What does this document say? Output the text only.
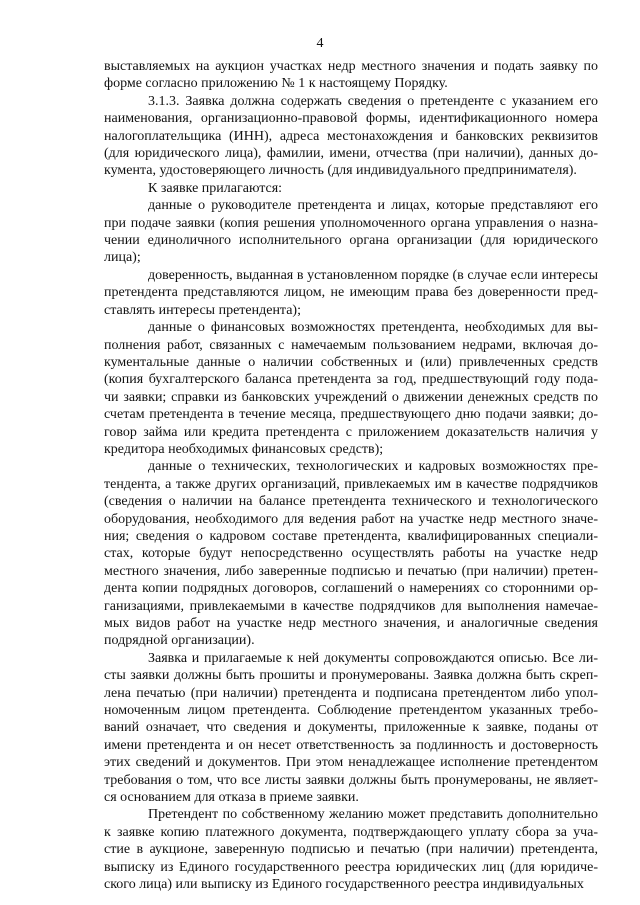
4

выставляемых на аукцион участках недр местного значения и подать заявку по
форме согласно приложению № 1 к настоящему Порядку.

3.1.3. Заявка должна содержать сведения о претенденте с указанием его
наименования, организационно-правовой формы, идентификационного номера
налогоплательщика (ИНН), адреса местонахождения и банковских реквизитов
(для юридического лица), фамилии, имени, отчества (при наличии), данных до-
кумента, удостоверяющего личность (для индивидуального предпринимателя).

К заявке прилагаются:

данные о руководителе претендента и лицах, которые представляют его
при подаче заявки (копия решения уполномоченного органа управления о назна-
чении единоличного исполнительного органа организации (для юридического
лица);

доверенность, выданная в установленном порядке (в случае если интересы
претендента представляются лицом, не имеющим права без доверенности пред-
ставлять интересы претендента);

данные о финансовых возможностях претендента, необходимых для вы-
полнения работ, связанных с намечаемым пользованием недрами, включая до-
кументальные данные о наличии собственных и (или) привлеченных средств
(копия бухгалтерского баланса претендента за год, предшествующий году пода-
чи заявки; справки из банковских учреждений о движении денежных средств по
счетам претендента в течение месяца, предшествующего дню подачи заявки; до-
говор займа или кредита претендента с приложением доказательств наличия у
кредитора необходимых финансовых средств);

данные о технических, технологических и кадровых возможностях пре-
тендента, а также других организаций, привлекаемых им в качестве подрядчиков
(сведения о наличии на балансе претендента технического и технологического
оборудования, необходимого для ведения работ на участке недр местного значе-
ния; сведения о кадровом составе претендента, квалифицированных специали-
стах, которые будут непосредственно осуществлять работы на участке недр
местного значения, либо заверенные подписью и печатью (при наличии) претен-
дента копии подрядных договоров, соглашений о намерениях со сторонними ор-
ганизациями, привлекаемыми в качестве подрядчиков для выполнения намечае-
мых видов работ на участке недр местного значения, и аналогичные сведения
подрядной организации).

Заявка и прилагаемые к ней документы сопровождаются описью. Все ли-
сты заявки должны быть прошиты и пронумерованы. Заявка должна быть скреп-
лена печатью (при наличии) претендента и подписана претендентом либо упол-
номоченным лицом претендента. Соблюдение претендентом указанных требо-
ваний означает, что сведения и документы, приложенные к заявке, поданы от
имени претендента и он несет ответственность за подлинность и достоверность
этих сведений и документов. При этом ненадлежащее исполнение претендентом
требования о том, что все листы заявки должны быть пронумерованы, не являет-
ся основанием для отказа в приеме заявки.

Претендент по собственному желанию может представить дополнительно
к заявке копию платежного документа, подтверждающего уплату сбора за уча-
стие в аукционе, заверенную подписью и печатью (при наличии) претендента,
выписку из Единого государственного реестра юридических лиц (для юридиче-
ского лица) или выписку из Единого государственного реестра индивидуальных
